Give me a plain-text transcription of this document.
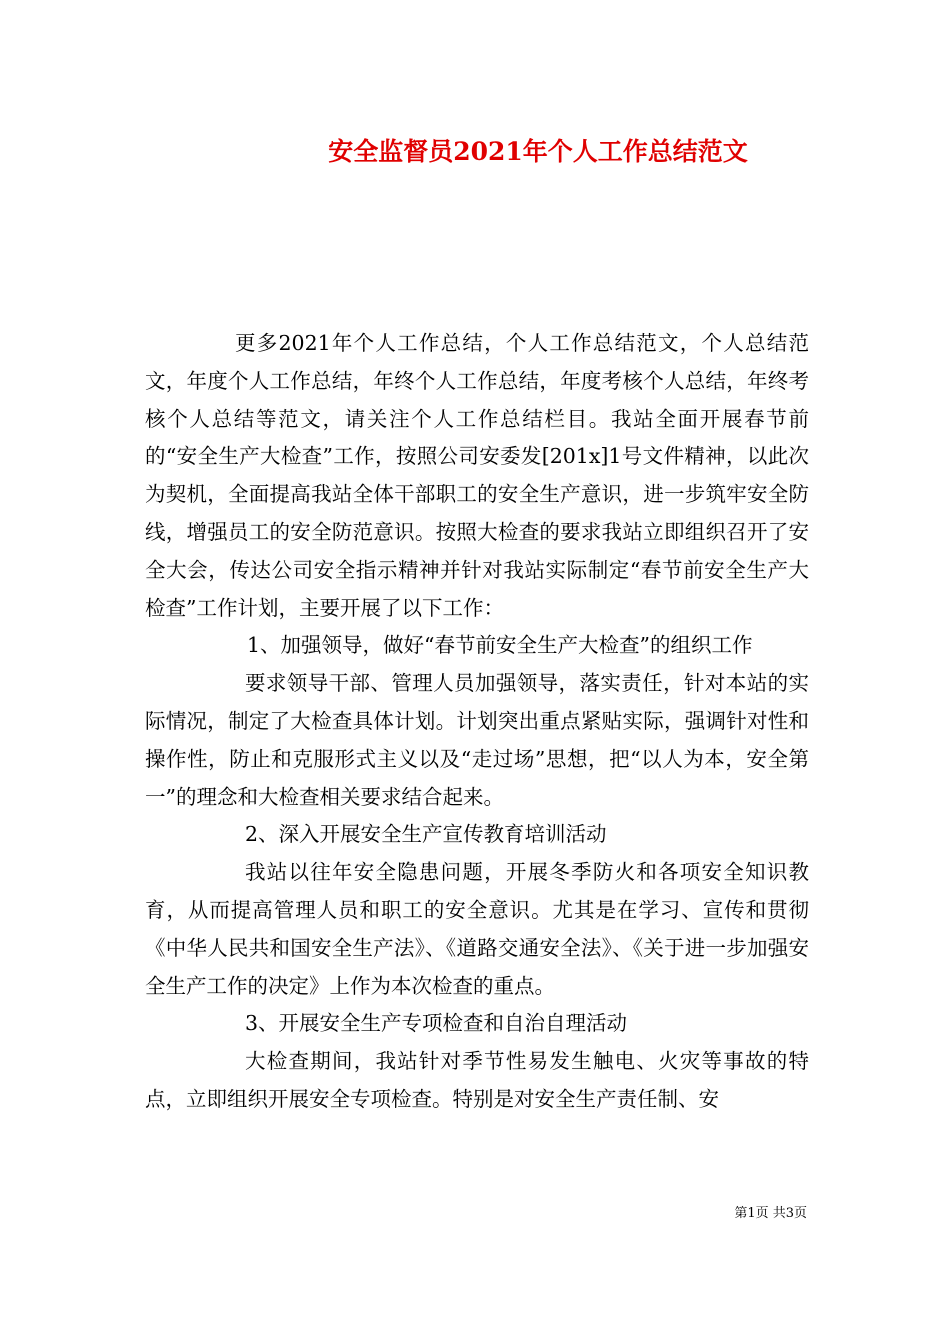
安全监督员2021年个人工作总结范文

更多2021年个人工作总结，个人工作总结范文，个人总结范文，年度个人工作总结，年终个人工作总结，年度考核个人总结，年终考核个人总结等范文，请关注个人工作总结栏目。我站全面开展春节前的“安全生产大检查”工作，按照公司安委发[201x]1号文件精神，以此次为契机，全面提高我站全体干部职工的安全生产意识，进一步筑牢安全防线，增强员工的安全防范意识。按照大检查的要求我站立即组织召开了安全大会，传达公司安全指示精神并针对我站实际制定“春节前安全生产大检查”工作计划，主要开展了以下工作：

1、加强领导，做好“春节前安全生产大检查”的组织工作

要求领导干部、管理人员加强领导，落实责任，针对本站的实际情况，制定了大检查具体计划。计划突出重点紧贴实际，强调针对性和操作性，防止和克服形式主义以及“走过场”思想，把“以人为本，安全第一”的理念和大检查相关要求结合起来。

2、深入开展安全生产宣传教育培训活动

我站以往年安全隐患问题，开展冬季防火和各项安全知识教育，从而提高管理人员和职工的安全意识。尤其是在学习、宣传和贯彻《中华人民共和国安全生产法》、《道路交通安全法》、《关于进一步加强安全生产工作的决定》上作为本次检查的重点。

3、开展安全生产专项检查和自治自理活动

大检查期间，我站针对季节性易发生触电、火灾等事故的特点，立即组织开展安全专项检查。特别是对安全生产责任制、安

第1页 共3页
